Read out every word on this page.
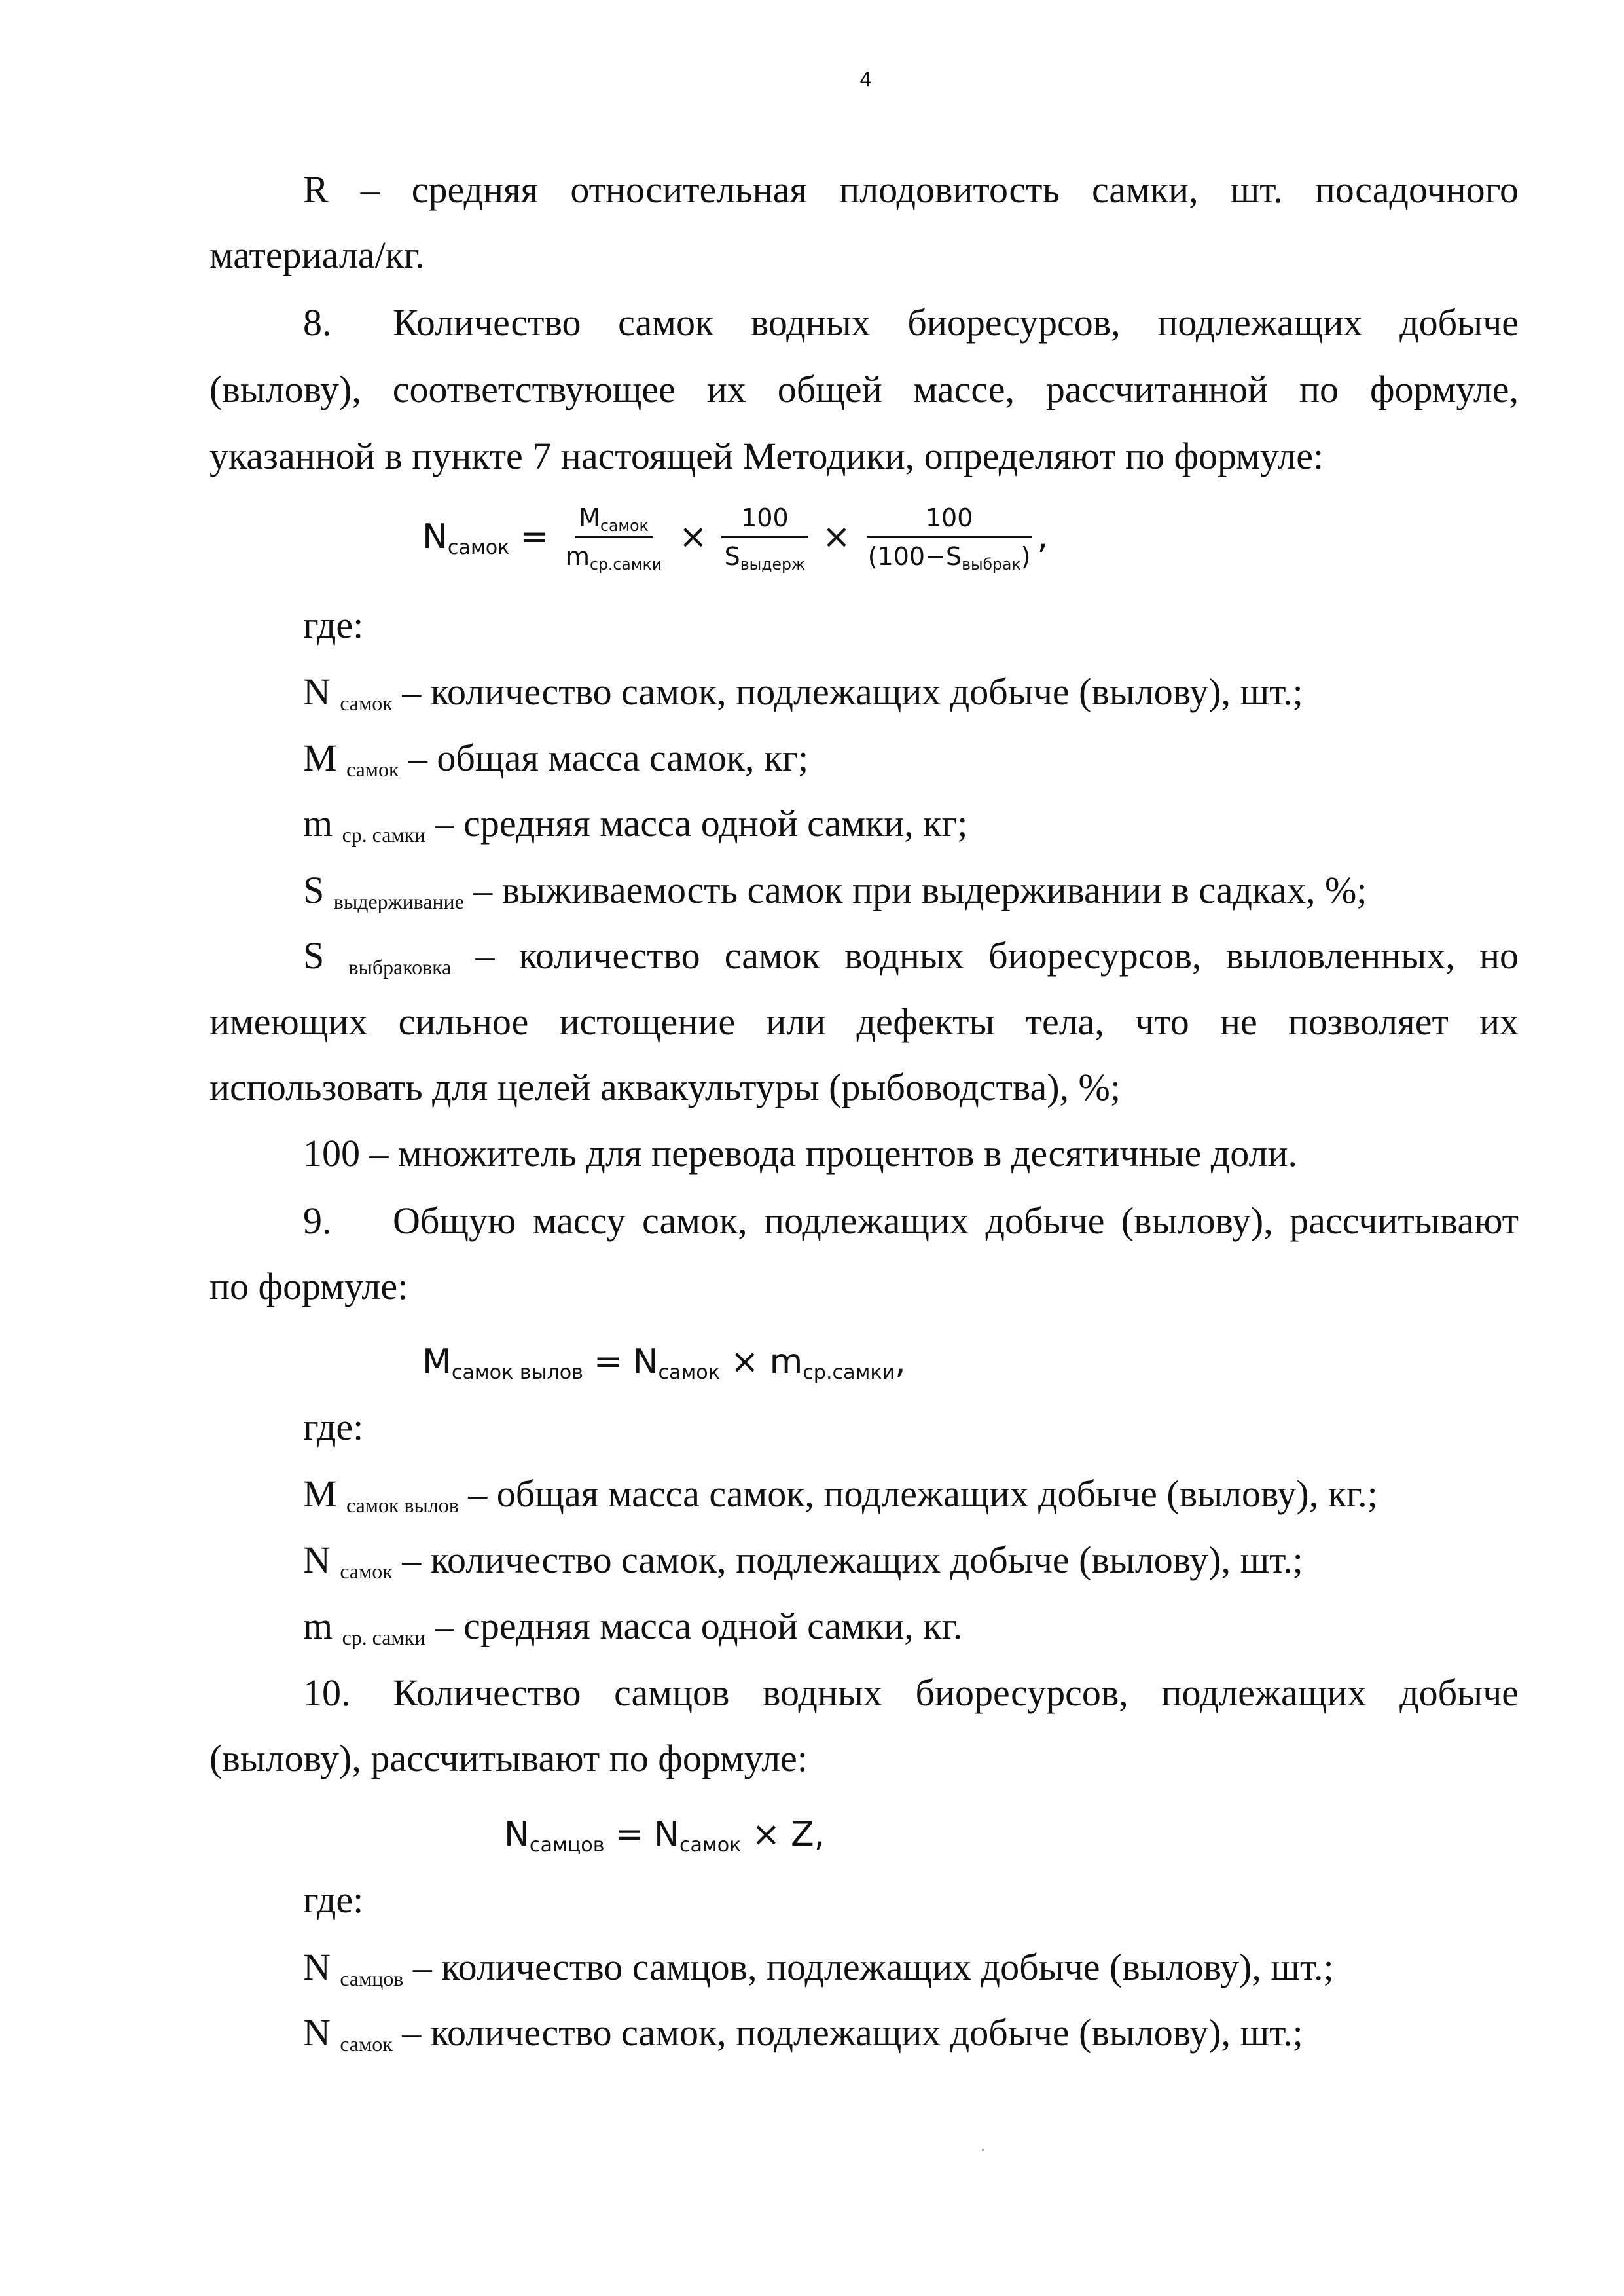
4
R – средняя относительная плодовитость самки, шт. посадочного
материала/кг.
8.	Количество самок водных биоресурсов, подлежащих добыче
(вылову), соответствующее их общей массе, рассчитанной по формуле,
указанной в пункте 7 настоящей Методики, определяют по формуле:
$N_{самок} = \frac{M_{самок}}{m_{ср.самки}} \times \frac{100}{S_{выдерж}} \times \frac{100}{(100-S_{выбрак})}$ ,
где:
N $_{самок}$ – количество самок, подлежащих добыче (вылову), шт.;
M $_{самок}$ – общая масса самок, кг;
m $_{ср. самки}$ – средняя масса одной самки, кг;
S $_{выдерживание}$ – выживаемость самок при выдерживании в садках, %;
S $_{выбраковка}$ – количество самок водных биоресурсов, выловленных, но
имеющих сильное истощение или дефекты тела, что не позволяет их
использовать для целей аквакультуры (рыбоводства), %;
100 – множитель для перевода процентов в десятичные доли.
9.	Общую массу самок, подлежащих добыче (вылову), рассчитывают
по формуле:
$M_{самок вылов} = N_{самок} \times m_{ср.самки}$ ,
где:
M $_{самок вылов}$ – общая масса самок, подлежащих добыче (вылову), кг.;
N $_{самок}$ – количество самок, подлежащих добыче (вылову), шт.;
m $_{ср. самки}$ – средняя масса одной самки, кг.
10.	Количество самцов водных биоресурсов, подлежащих добыче
(вылову), рассчитывают по формуле:
$N_{самцов} = N_{самок} \times Z$ ,
где:
N $_{самцов}$ – количество самцов, подлежащих добыче (вылову), шт.;
N $_{самок}$ – количество самок, подлежащих добыче (вылову), шт.;
